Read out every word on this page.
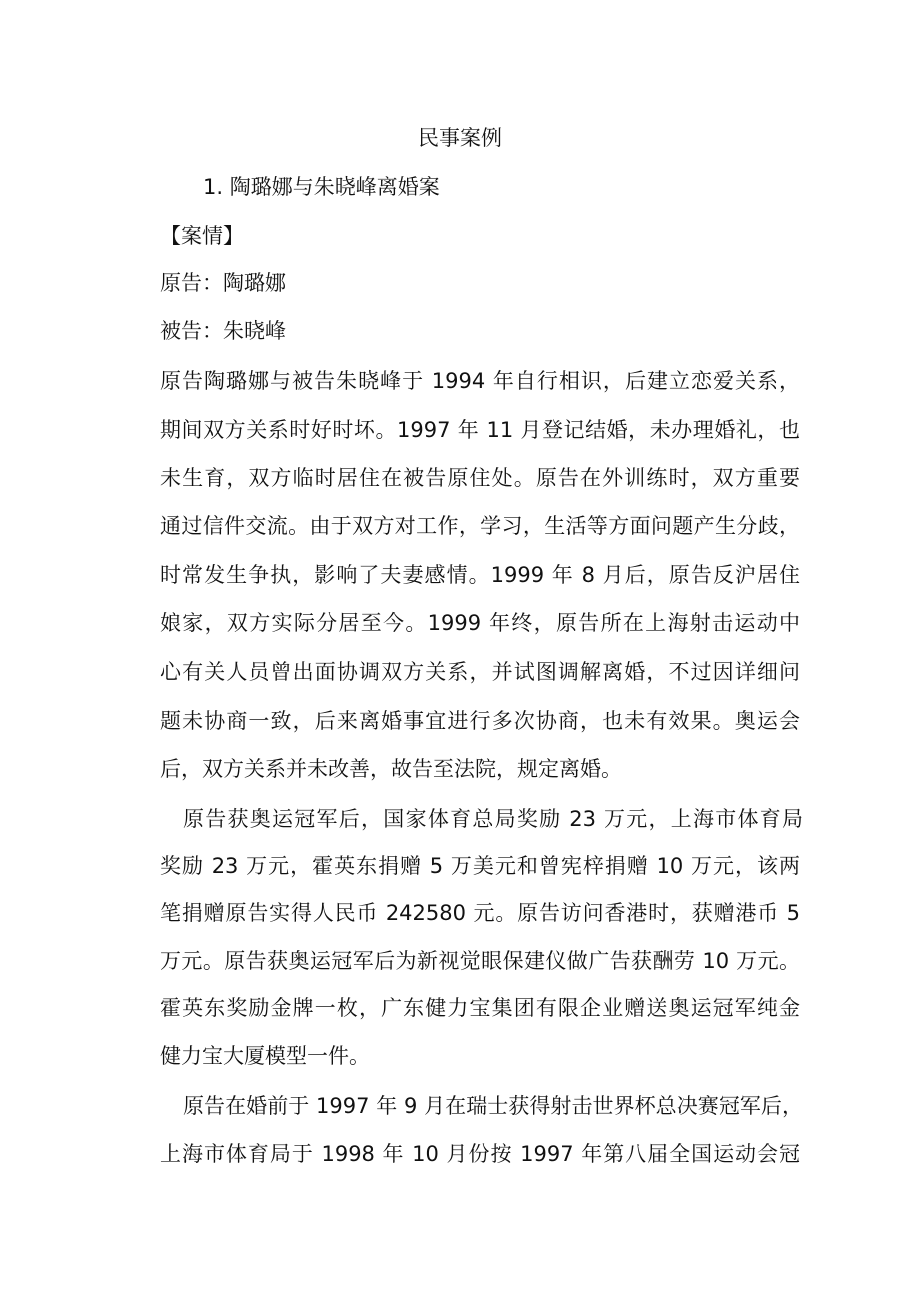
民事案例

1. 陶璐娜与朱晓峰离婚案

【案情】

原告：陶璐娜

被告：朱晓峰

原告陶璐娜与被告朱晓峰于 1994 年自行相识，后建立恋爱关系，

期间双方关系时好时坏。1997 年 11 月登记结婚，未办理婚礼，也

未生育，双方临时居住在被告原住处。原告在外训练时，双方重要

通过信件交流。由于双方对工作，学习，生活等方面问题产生分歧，

时常发生争执，影响了夫妻感情。1999 年 8 月后，原告反沪居住

娘家，双方实际分居至今。1999 年终，原告所在上海射击运动中

心有关人员曾出面协调双方关系，并试图调解离婚，不过因详细问

题未协商一致，后来离婚事宜进行多次协商，也未有效果。奥运会

后，双方关系并未改善，故告至法院，规定离婚。

原告获奥运冠军后，国家体育总局奖励 23 万元，上海市体育局

奖励 23 万元，霍英东捐赠 5 万美元和曾宪梓捐赠 10 万元，该两

笔捐赠原告实得人民币 242580 元。原告访问香港时，获赠港币 5

万元。原告获奥运冠军后为新视觉眼保建仪做广告获酬劳 10 万元。

霍英东奖励金牌一枚，广东健力宝集团有限企业赠送奥运冠军纯金

健力宝大厦模型一件。

原告在婚前于 1997 年 9 月在瑞士获得射击世界杯总决赛冠军后，

上海市体育局于 1998 年 10 月份按 1997 年第八届全国运动会冠
